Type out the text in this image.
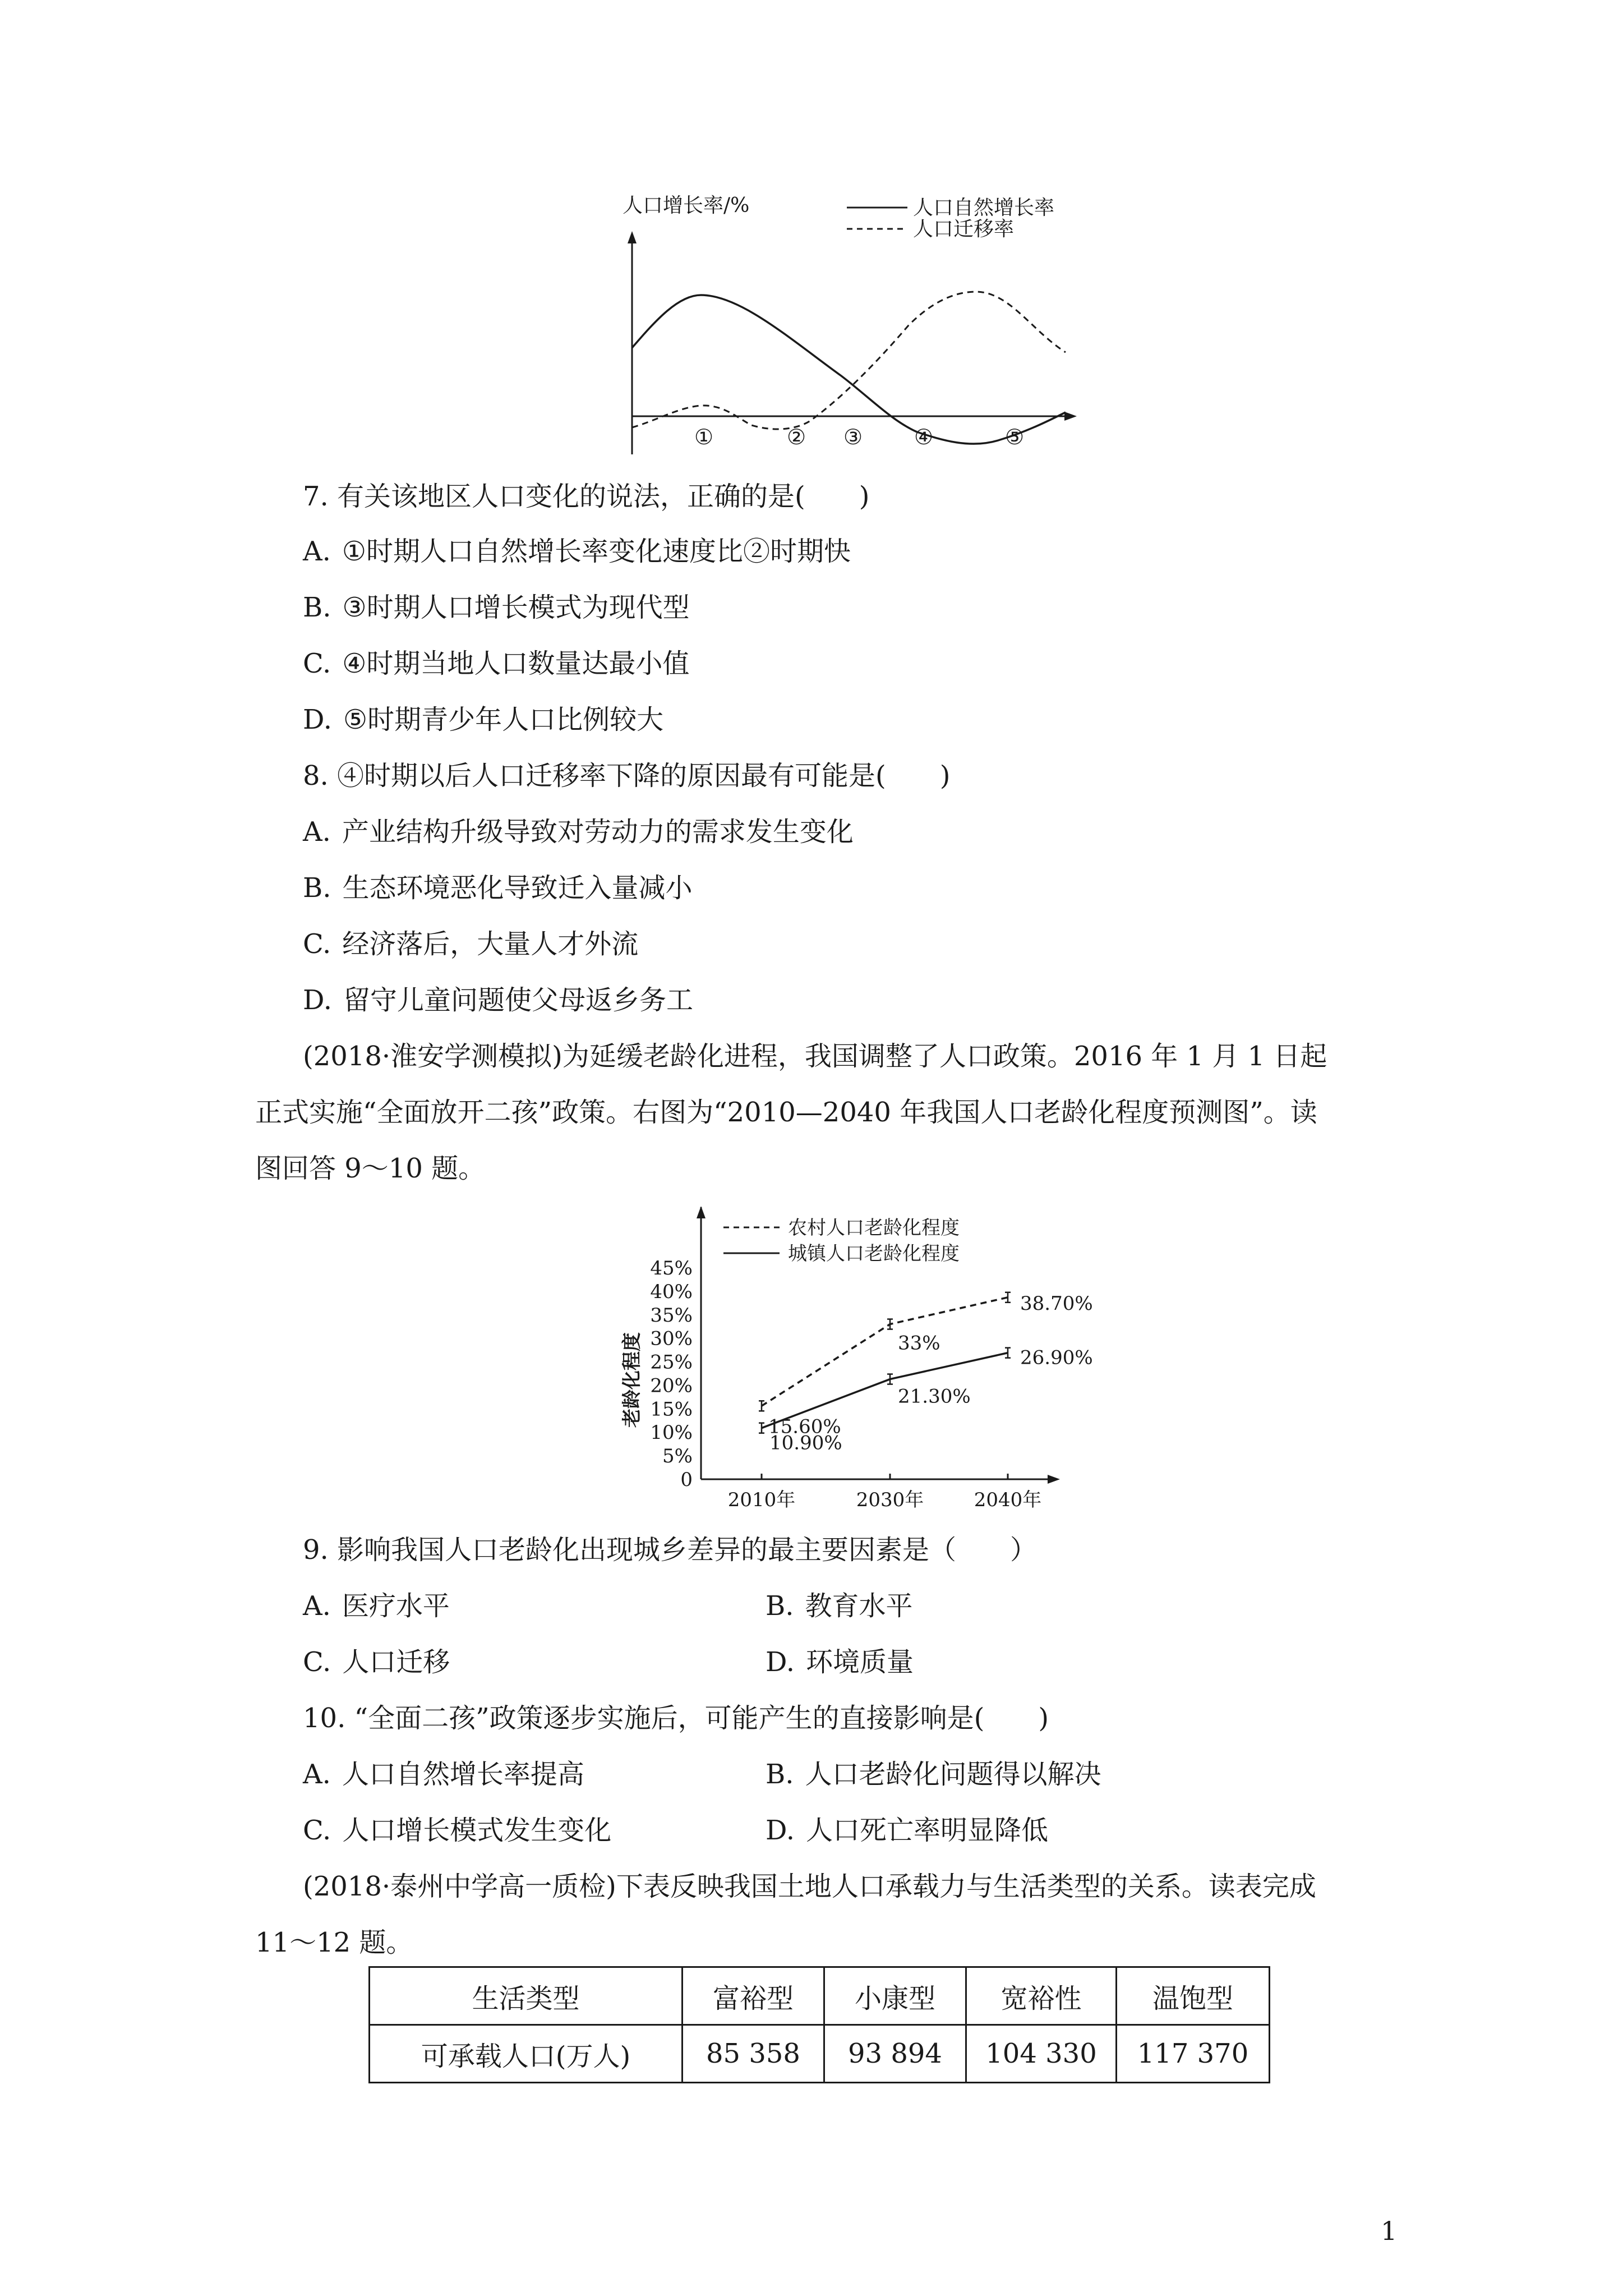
人口增长率/%	人口自然增长率
人口迁移率
①	② ③ ④	⑤
7. 有关该地区人口变化的说法，正确的是(　　)
A. ①时期人口自然增长率变化速度比②时期快
B. ③时期人口增长模式为现代型
C. ④时期当地人口数量达最小值
D. ⑤时期青少年人口比例较大
8. ④时期以后人口迁移率下降的原因最有可能是(　　)
A. 产业结构升级导致对劳动力的需求发生变化
B. 生态环境恶化导致迁入量减小
C. 经济落后，大量人才外流
D. 留守儿童问题使父母返乡务工
(2018·淮安学测模拟)为延缓老龄化进程，我国调整了人口政策。2016 年 1 月 1 日起
正式实施“全面放开二孩”政策。右图为“2010—2040 年我国人口老龄化程度预测图”。读
图回答 9～10 题。
45%
40%
35%
30%
25%
20%
15%
10%
5%
0
老龄化程度
2010年	2030年	2040年
农村人口老龄化程度
城镇人口老龄化程度
15.60%
33%
38.70%
10.90%
21.30%
26.90%
9. 影响我国人口老龄化出现城乡差异的最主要因素是（　　）
A. 医疗水平	B. 教育水平
C. 人口迁移	D. 环境质量
10. “全面二孩”政策逐步实施后，可能产生的直接影响是(　　)
A. 人口自然增长率提高	B. 人口老龄化问题得以解决
C. 人口增长模式发生变化	D. 人口死亡率明显降低
(2018·泰州中学高一质检)下表反映我国土地人口承载力与生活类型的关系。读表完成
11～12 题。
生活类型	富裕型	小康型	宽裕性	温饱型
可承载人口(万人)	85 358	93 894	104 330	117 370
1
